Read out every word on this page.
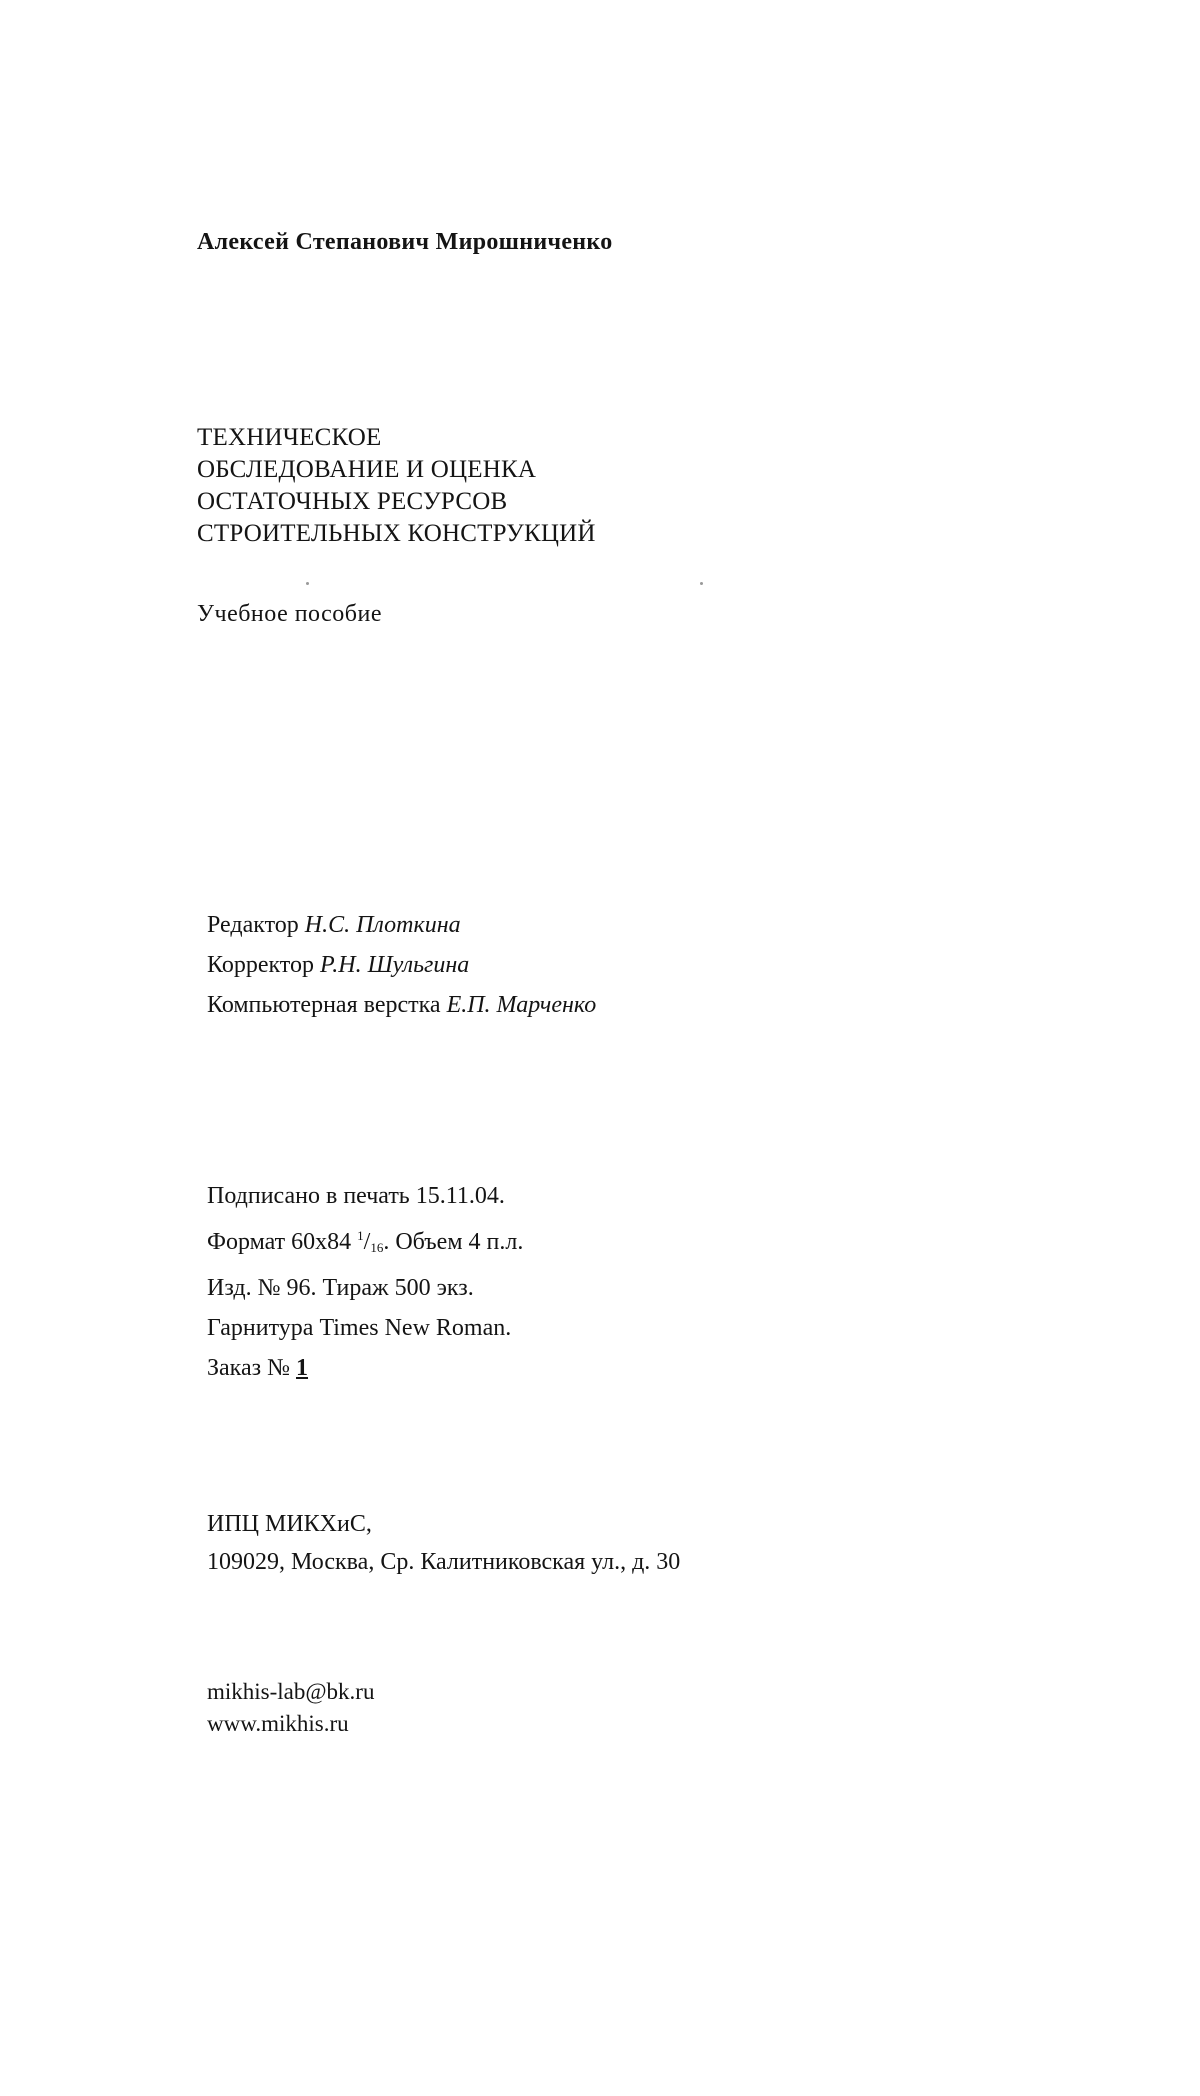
Алексей Степанович Мирошниченко
ТЕХНИЧЕСКОЕ
ОБСЛЕДОВАНИЕ И ОЦЕНКА
ОСТАТОЧНЫХ РЕСУРСОВ
СТРОИТЕЛЬНЫХ КОНСТРУКЦИЙ
Учебное пособие
Редактор Н.С. Плоткина
Корректор Р.Н. Шульгина
Компьютерная верстка Е.П. Марченко
Подписано в печать 15.11.04.
Формат 60х84 $^1$/16. Объем 4 п.л.
Изд. № 96. Тираж 500 экз.
Гарнитура Times New Roman.
Заказ № 1
ИПЦ МИКХиС,
109029, Москва, Ср. Калитниковская ул., д. 30
mikhis-lab@bk.ru
www.mikhis.ru
